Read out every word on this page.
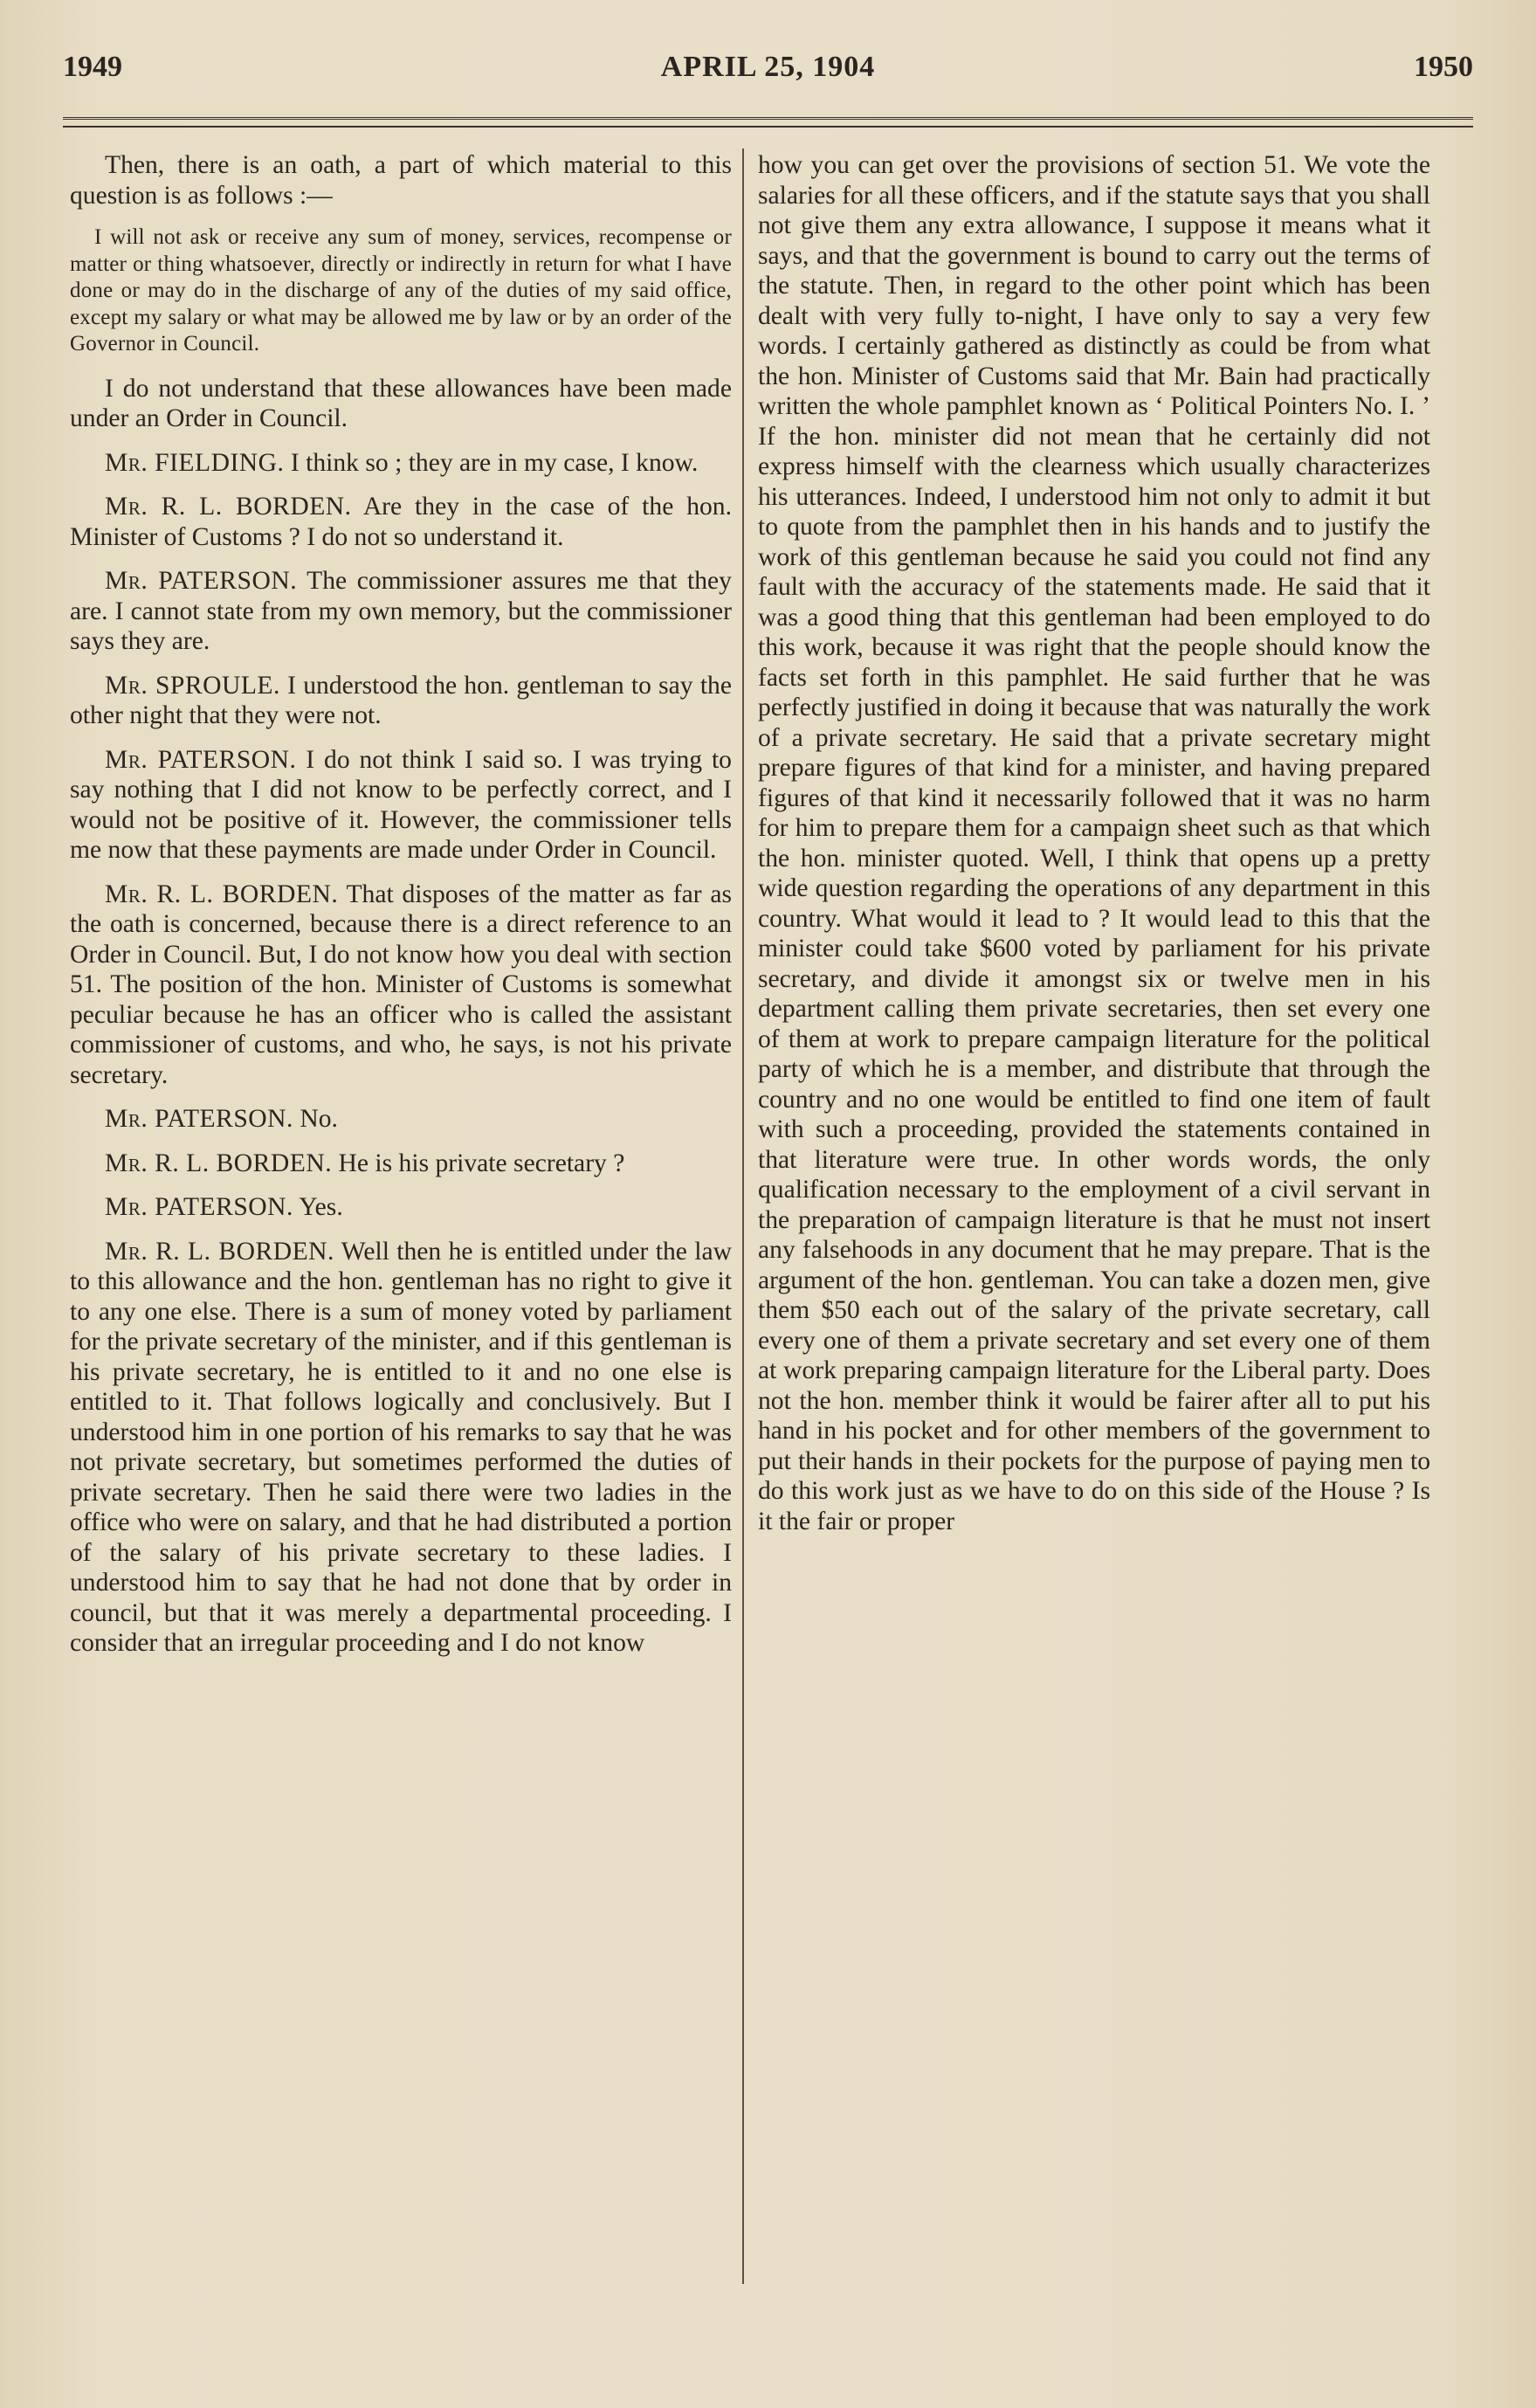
1949	APRIL 25, 1904	1950

Then, there is an oath, a part of which material to this question is as follows :—

I will not ask or receive any sum of money, services, recompense or matter or thing whatsoever, directly or indirectly in return for what I have done or may do in the discharge of any of the duties of my said office, except my salary or what may be allowed me by law or by an order of the Governor in Council.

I do not understand that these allowances have been made under an Order in Council.

Mr. FIELDING. I think so ; they are in my case, I know.

Mr. R. L. BORDEN. Are they in the case of the hon. Minister of Customs ? I do not so understand it.

Mr. PATERSON. The commissioner assures me that they are. I cannot state from my own memory, but the commissioner says they are.

Mr. SPROULE. I understood the hon. gentleman to say the other night that they were not.

Mr. PATERSON. I do not think I said so. I was trying to say nothing that I did not know to be perfectly correct, and I would not be positive of it. However, the commissioner tells me now that these payments are made under Order in Council.

Mr. R. L. BORDEN. That disposes of the matter as far as the oath is concerned, because there is a direct reference to an Order in Council. But, I do not know how you deal with section 51. The position of the hon. Minister of Customs is somewhat peculiar because he has an officer who is called the assistant commissioner of customs, and who, he says, is not his private secretary.

Mr. PATERSON. No.

Mr. R. L. BORDEN. He is his private secretary ?

Mr. PATERSON. Yes.

Mr. R. L. BORDEN. Well then he is entitled under the law to this allowance and the hon. gentleman has no right to give it to any one else. There is a sum of money voted by parliament for the private secretary of the minister, and if this gentleman is his private secretary, he is entitled to it and no one else is entitled to it. That follows logically and conclusively. But I understood him in one portion of his remarks to say that he was not private secretary, but sometimes performed the duties of private secretary. Then he said there were two ladies in the office who were on salary, and that he had distributed a portion of the salary of his private secretary to these ladies. I understood him to say that he had not done that by order in council, but that it was merely a departmental proceeding. I consider that an irregular proceeding and I do not know

how you can get over the provisions of section 51. We vote the salaries for all these officers, and if the statute says that you shall not give them any extra allowance, I suppose it means what it says, and that the government is bound to carry out the terms of the statute. Then, in regard to the other point which has been dealt with very fully to-night, I have only to say a very few words. I certainly gathered as distinctly as could be from what the hon. Minister of Customs said that Mr. Bain had practically written the whole pamphlet known as ‘ Political Pointers No. I. ’ If the hon. minister did not mean that he certainly did not express himself with the clearness which usually characterizes his utterances. Indeed, I understood him not only to admit it but to quote from the pamphlet then in his hands and to justify the work of this gentleman because he said you could not find any fault with the accuracy of the statements made. He said that it was a good thing that this gentleman had been employed to do this work, because it was right that the people should know the facts set forth in this pamphlet. He said further that he was perfectly justified in doing it because that was naturally the work of a private secretary. He said that a private secretary might prepare figures of that kind for a minister, and having prepared figures of that kind it necessarily followed that it was no harm for him to prepare them for a campaign sheet such as that which the hon. minister quoted. Well, I think that opens up a pretty wide question regarding the operations of any department in this country. What would it lead to ? It would lead to this that the minister could take $600 voted by parliament for his private secretary, and divide it amongst six or twelve men in his department calling them private secretaries, then set every one of them at work to prepare campaign literature for the political party of which he is a member, and distribute that through the country and no one would be entitled to find one item of fault with such a proceeding, provided the statements contained in that literature were true. In other words words, the only qualification necessary to the employment of a civil servant in the preparation of campaign literature is that he must not insert any falsehoods in any document that he may prepare. That is the argument of the hon. gentleman. You can take a dozen men, give them $50 each out of the salary of the private secretary, call every one of them a private secretary and set every one of them at work preparing campaign literature for the Liberal party. Does not the hon. member think it would be fairer after all to put his hand in his pocket and for other members of the government to put their hands in their pockets for the purpose of paying men to do this work just as we have to do on this side of the House ? Is it the fair or proper
